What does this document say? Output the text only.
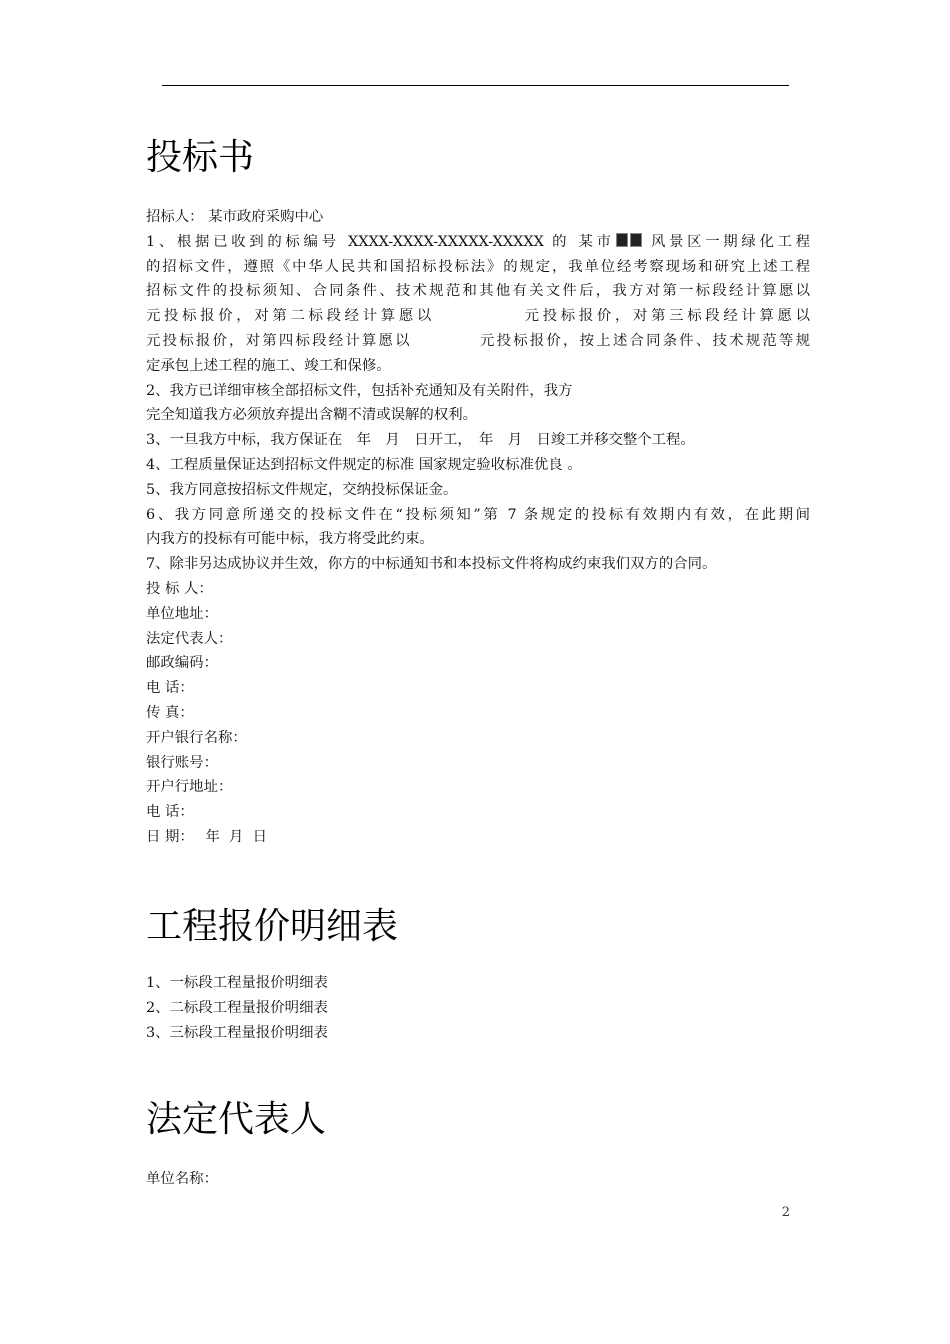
投标书

招标人： 某市政府采购中心

1、根据已收到的标编号 XXXX-XXXX-XXXXX-XXXXX 的 某市	风景区一期绿化工程

的招标文件，遵照《中华人民共和国招标投标法》的规定，我单位经考察现场和研究上述工程

招标文件的投标须知、合同条件、技术规范和其他有关文件后，我方对第一标段经计算愿以

元投标报价，对第二标段经计算愿以	元投标报价，对第三标段经计算愿以

元投标报价，对第四标段经计算愿以	元投标报价，按上述合同条件、技术规范等规

定承包上述工程的施工、竣工和保修。

2、我方已详细审核全部招标文件，包括补充通知及有关附件，我方

完全知道我方必须放弃提出含糊不清或误解的权利。

3、一旦我方中标，我方保证在　年　月　日开工，　年　月　日竣工并移交整个工程。

4、工程质量保证达到招标文件规定的标准 国家规定验收标准优良 。

5、我方同意按招标文件规定，交纳投标保证金。

6、我方同意所递交的投标文件在“投标须知”第 7 条规定的投标有效期内有效，在此期间

内我方的投标有可能中标，我方将受此约束。

7、除非另达成协议并生效，你方的中标通知书和本投标文件将构成约束我们双方的合同。

投 标 人：

单位地址：

法定代表人：

邮政编码：

电 话：

传 真：

开户银行名称：

银行账号：

开户行地址：

电 话：

日 期：　 年  月  日

工程报价明细表

1、一标段工程量报价明细表

2、二标段工程量报价明细表

3、三标段工程量报价明细表

法定代表人

单位名称：

2
